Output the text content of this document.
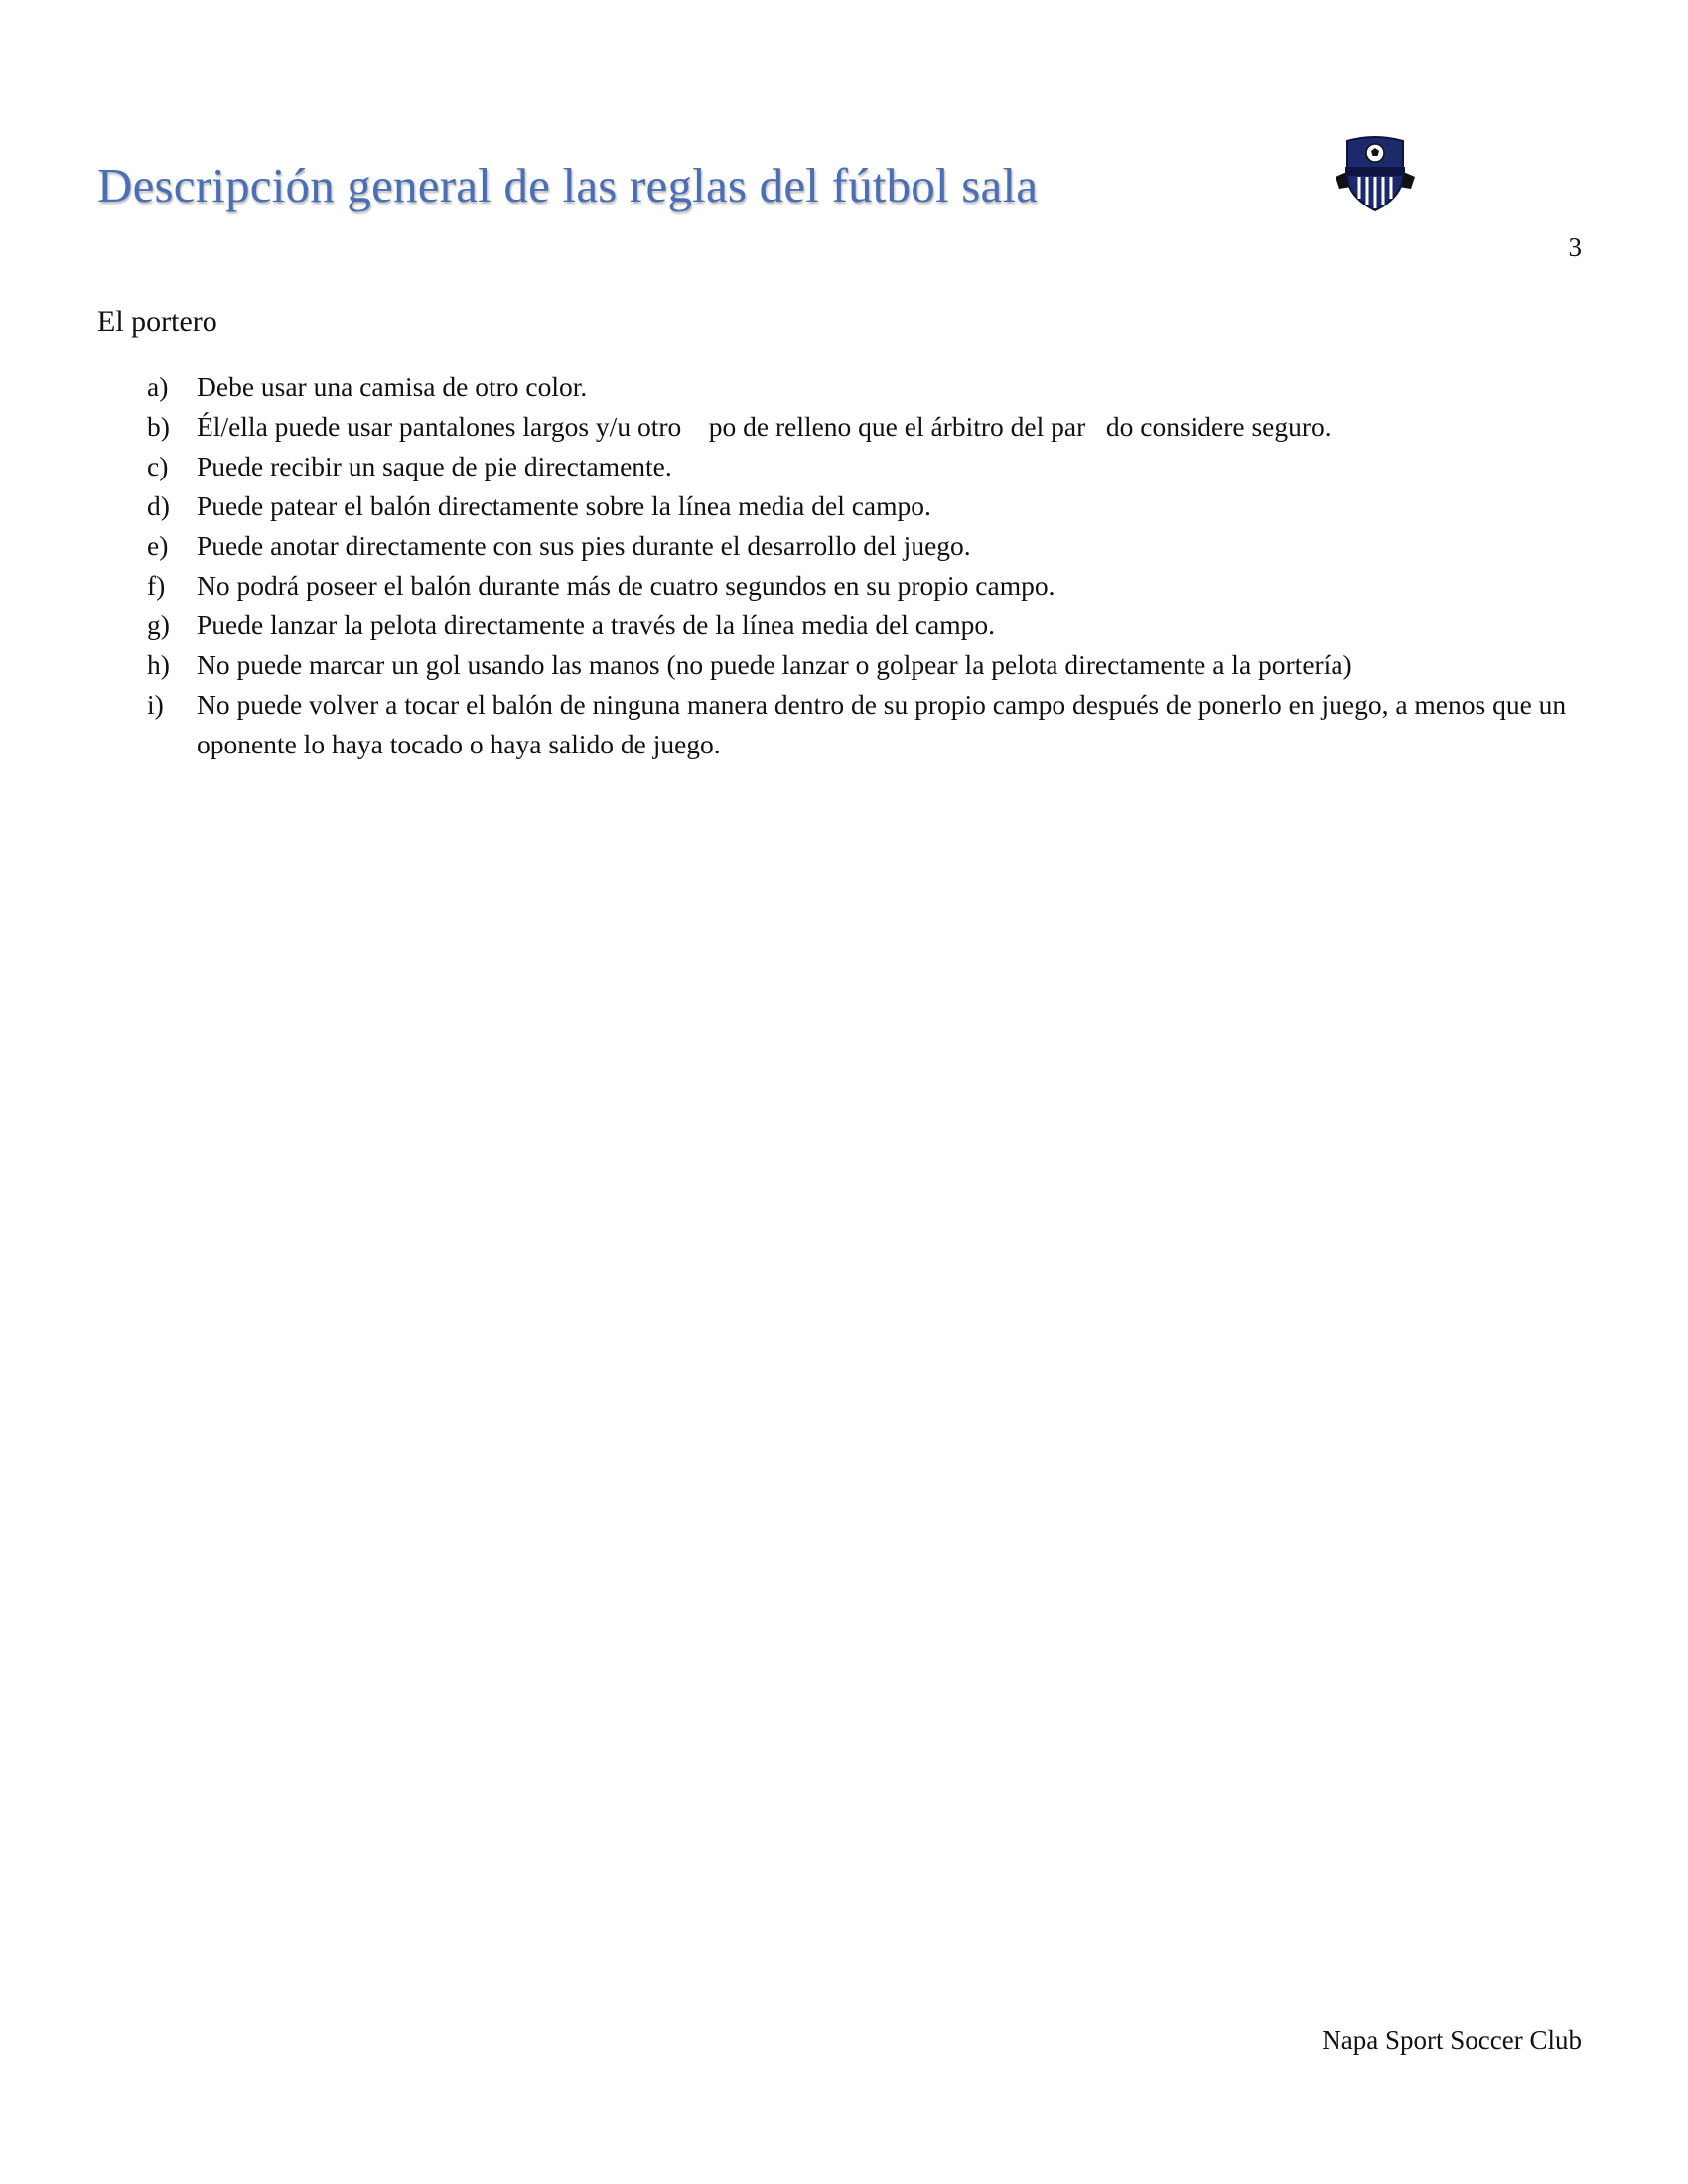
Descripción general de las reglas del fútbol sala
3
El portero
a)	Debe usar una camisa de otro color.
b) Él/ella puede usar pantalones largos y/u otro    po de relleno que el árbitro del par   do considere seguro.
c)	Puede recibir un saque de pie directamente.
d) Puede patear el balón directamente sobre la línea media del campo.
e)	Puede anotar directamente con sus pies durante el desarrollo del juego.
f)	No podrá poseer el balón durante más de cuatro segundos en su propio campo.
g) Puede lanzar la pelota directamente a través de la línea media del campo.
h) No puede marcar un gol usando las manos (no puede lanzar o golpear la pelota directamente a la portería)
i)	No puede volver a tocar el balón de ninguna manera dentro de su propio campo después de ponerlo en juego, a menos que un oponente lo haya tocado o haya salido de juego.
Napa Sport Soccer Club
